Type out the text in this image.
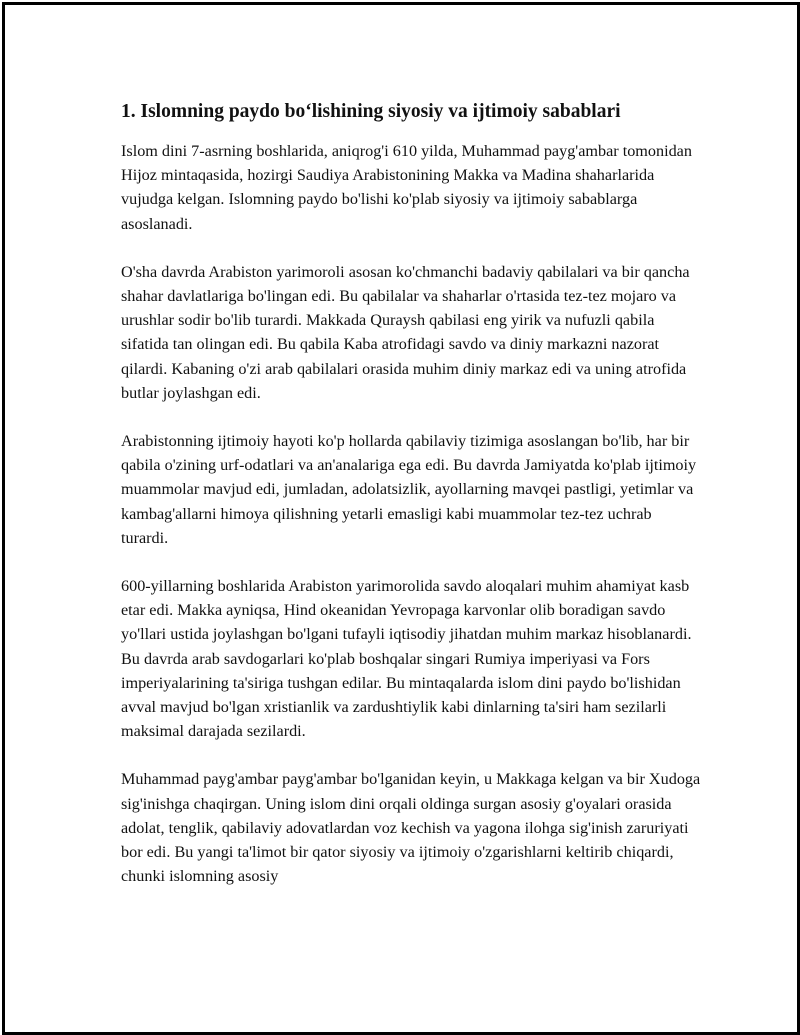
1. Islomning paydo bo‘lishining siyosiy va ijtimoiy sabablari

Islom dini 7-asrning boshlarida, aniqrog'i 610 yilda, Muhammad payg'ambar tomonidan Hijoz mintaqasida, hozirgi Saudiya Arabistonining Makka va Madina shaharlarida vujudga kelgan. Islomning paydo bo'lishi ko'plab siyosiy va ijtimoiy sabablarga asoslanadi.

O'sha davrda Arabiston yarimoroli asosan ko'chmanchi badaviy qabilalari va bir qancha shahar davlatlariga bo'lingan edi. Bu qabilalar va shaharlar o'rtasida tez-tez mojaro va urushlar sodir bo'lib turardi. Makkada Quraysh qabilasi eng yirik va nufuzli qabila sifatida tan olingan edi. Bu qabila Kaba atrofidagi savdo va diniy markazni nazorat qilardi. Kabaning o'zi arab qabilalari orasida muhim diniy markaz edi va uning atrofida butlar joylashgan edi.

Arabistonning ijtimoiy hayoti ko'p hollarda qabilaviy tizimiga asoslangan bo'lib, har bir qabila o'zining urf-odatlari va an'analariga ega edi. Bu davrda Jamiyatda ko'plab ijtimoiy muammolar mavjud edi, jumladan, adolatsizlik, ayollarning mavqei pastligi, yetimlar va kambag'allarni himoya qilishning yetarli emasligi kabi muammolar tez-tez uchrab turardi.

600-yillarning boshlarida Arabiston yarimorolida savdo aloqalari muhim ahamiyat kasb etar edi. Makka ayniqsa, Hind okeanidan Yevropaga karvonlar olib boradigan savdo yo'llari ustida joylashgan bo'lgani tufayli iqtisodiy jihatdan muhim markaz hisoblanardi. Bu davrda arab savdogarlari ko'plab boshqalar singari Rumiya imperiyasi va Fors imperiyalarining ta'siriga tushgan edilar. Bu mintaqalarda islom dini paydo bo'lishidan avval mavjud bo'lgan xristianlik va zardushtiylik kabi dinlarning ta'siri ham sezilarli maksimal darajada sezilardi.

Muhammad payg'ambar payg'ambar bo'lganidan keyin, u Makkaga kelgan va bir Xudoga sig'inishga chaqirgan. Uning islom dini orqali oldinga surgan asosiy g'oyalari orasida adolat, tenglik, qabilaviy adovatlardan voz kechish va yagona ilohga sig'inish zaruriyati bor edi. Bu yangi ta'limot bir qator siyosiy va ijtimoiy o'zgarishlarni keltirib chiqardi, chunki islomning asosiy
